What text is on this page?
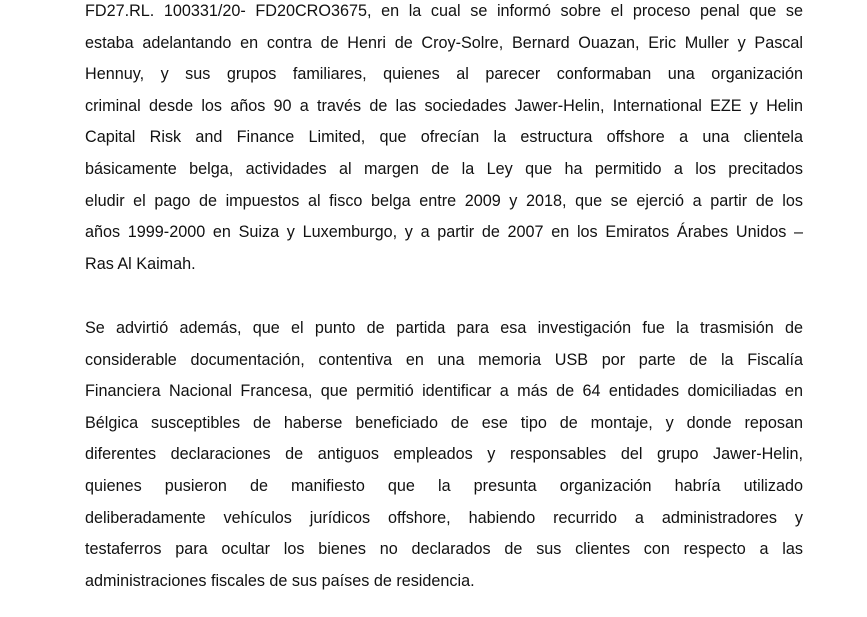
FD27.RL. 100331/20- FD20CRO3675, en la cual se informó sobre el proceso penal que se
estaba adelantando en contra de Henri de Croy-Solre, Bernard Ouazan, Eric Muller y Pascal
Hennuy, y sus grupos familiares, quienes al parecer conformaban una organización
criminal desde los años 90 a través de las sociedades Jawer-Helin, International EZE y Helin
Capital Risk and Finance Limited, que ofrecían la estructura offshore a una clientela
básicamente belga, actividades al margen de la Ley que ha permitido a los precitados
eludir el pago de impuestos al fisco belga entre 2009 y 2018, que se ejerció a partir de los
años 1999-2000 en Suiza y Luxemburgo, y a partir de 2007 en los Emiratos Árabes Unidos –
Ras Al Kaimah.
Se advirtió además, que el punto de partida para esa investigación fue la trasmisión de
considerable documentación, contentiva en una memoria USB por parte de la Fiscalía
Financiera Nacional Francesa, que permitió identificar a más de 64 entidades domiciliadas en
Bélgica susceptibles de haberse beneficiado de ese tipo de montaje, y donde reposan
diferentes declaraciones de antiguos empleados y responsables del grupo Jawer-Helin,
quienes pusieron de manifiesto que la presunta organización habría utilizado
deliberadamente vehículos jurídicos offshore, habiendo recurrido a administradores y
testaferros para ocultar los bienes no declarados de sus clientes con respecto a las
administraciones fiscales de sus países de residencia.
